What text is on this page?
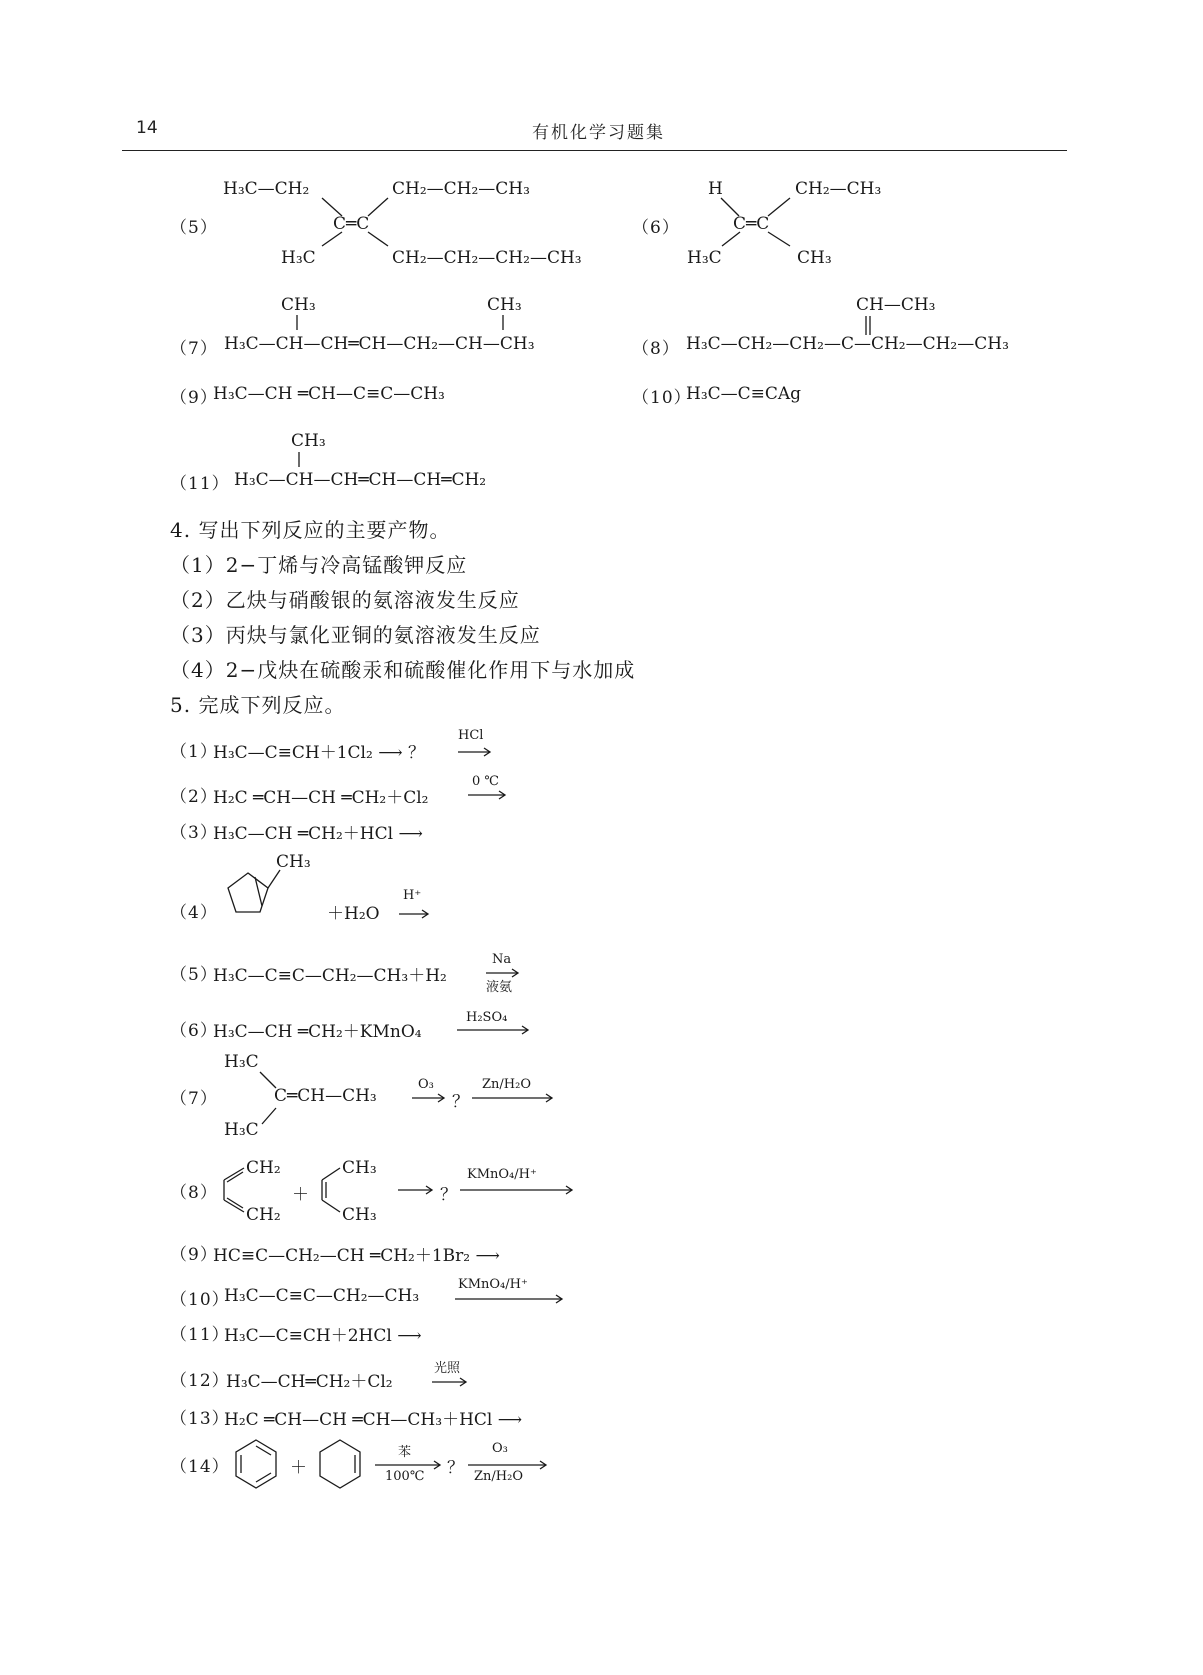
14	有机化学习题集
（5）
H₃C—CH₂	CH₂—CH₂—CH₃
C═C
H₃C	CH₂—CH₂—CH₂—CH₃
（6）
H	CH₂—CH₃
C═C
H₃C	CH₃
（7）
CH₃	CH₃
H₃C—CH—CH═CH—CH₂—CH—CH₃	（8）
CH—CH₃
H₃C—CH₂—CH₂—C—CH₂—CH₂—CH₃
（9）
H₃C—CH ═CH—C≡C—CH₃	（10）
H₃C—C≡CAg
（11）
CH₃
H₃C—CH—CH═CH—CH═CH₂
4. 写出下列反应的主要产物。
（1）2−丁烯与冷高锰酸钾反应
（2）乙炔与硝酸银的氨溶液发生反应
（3）丙炔与氯化亚铜的氨溶液发生反应
（4）2−戊炔在硫酸汞和硫酸催化作用下与水加成
5. 完成下列反应。
（1）
H₃C—C≡CH＋1Cl₂ ⟶ ？
HCl
（2）
H₂C ═CH—CH ═CH₂＋Cl₂
0 ℃
（3）
H₃C—CH ═CH₂＋HCl ⟶
（4）
CH₃
＋H₂O
H⁺
（5）
H₃C—C≡C—CH₂—CH₃＋H₂
Na
液氨
（6）
H₃C—CH ═CH₂＋KMnO₄
H₂SO₄
（7）
H₃C
C═CH—CH₃
H₃C
O₃
？
Zn/H₂O
（8）
CH₂
CH₂
＋
CH₃
CH₃
？
KMnO₄/H⁺
（9）
HC≡C—CH₂—CH ═CH₂＋1Br₂ ⟶
（10）
H₃C—C≡C—CH₂—CH₃
KMnO₄/H⁺
（11）
H₃C—C≡CH＋2HCl ⟶
（12）
H₃C—CH═CH₂＋Cl₂
光照
（13）
H₂C ═CH—CH ═CH—CH₃＋HCl ⟶
（14）	＋
苯
100℃ ？
O₃
Zn/H₂O
